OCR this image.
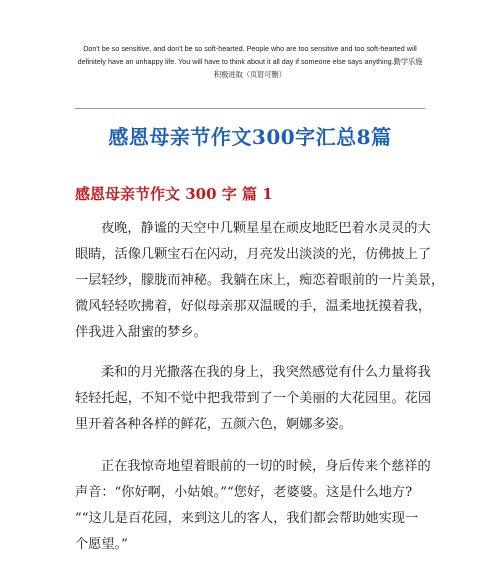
Don't be so sensitive, and don't be so soft-hearted. People who are too sensitive and too soft-hearted will
definitely have an unhappy life. You will have to think about it all day if someone else says anything.勤学乐施
积极进取（页眉可删）
感恩母亲节作文300字汇总8篇
感恩母亲节作文 300 字 篇 1
夜晚，静谧的天空中几颗星星在顽皮地眨巴着水灵灵的大
眼睛，活像几颗宝石在闪动，月亮发出淡淡的光，仿佛披上了
一层轻纱，朦胧而神秘。我躺在床上，痴恋着眼前的一片美景，
微风轻轻吹拂着，好似母亲那双温暖的手，温柔地抚摸着我，
伴我进入甜蜜的梦乡。
柔和的月光撒落在我的身上，我突然感觉有什么力量将我
轻轻托起，不知不觉中把我带到了一个美丽的大花园里。花园
里开着各种各样的鲜花，五颜六色，婀娜多姿。
正在我惊奇地望着眼前的一切的时候，身后传来个慈祥的
声音：“你好啊，小姑娘。”“您好，老婆婆。这是什么地方?
”“这儿是百花园，来到这儿的客人，我们都会帮助她实现一
个愿望。”
